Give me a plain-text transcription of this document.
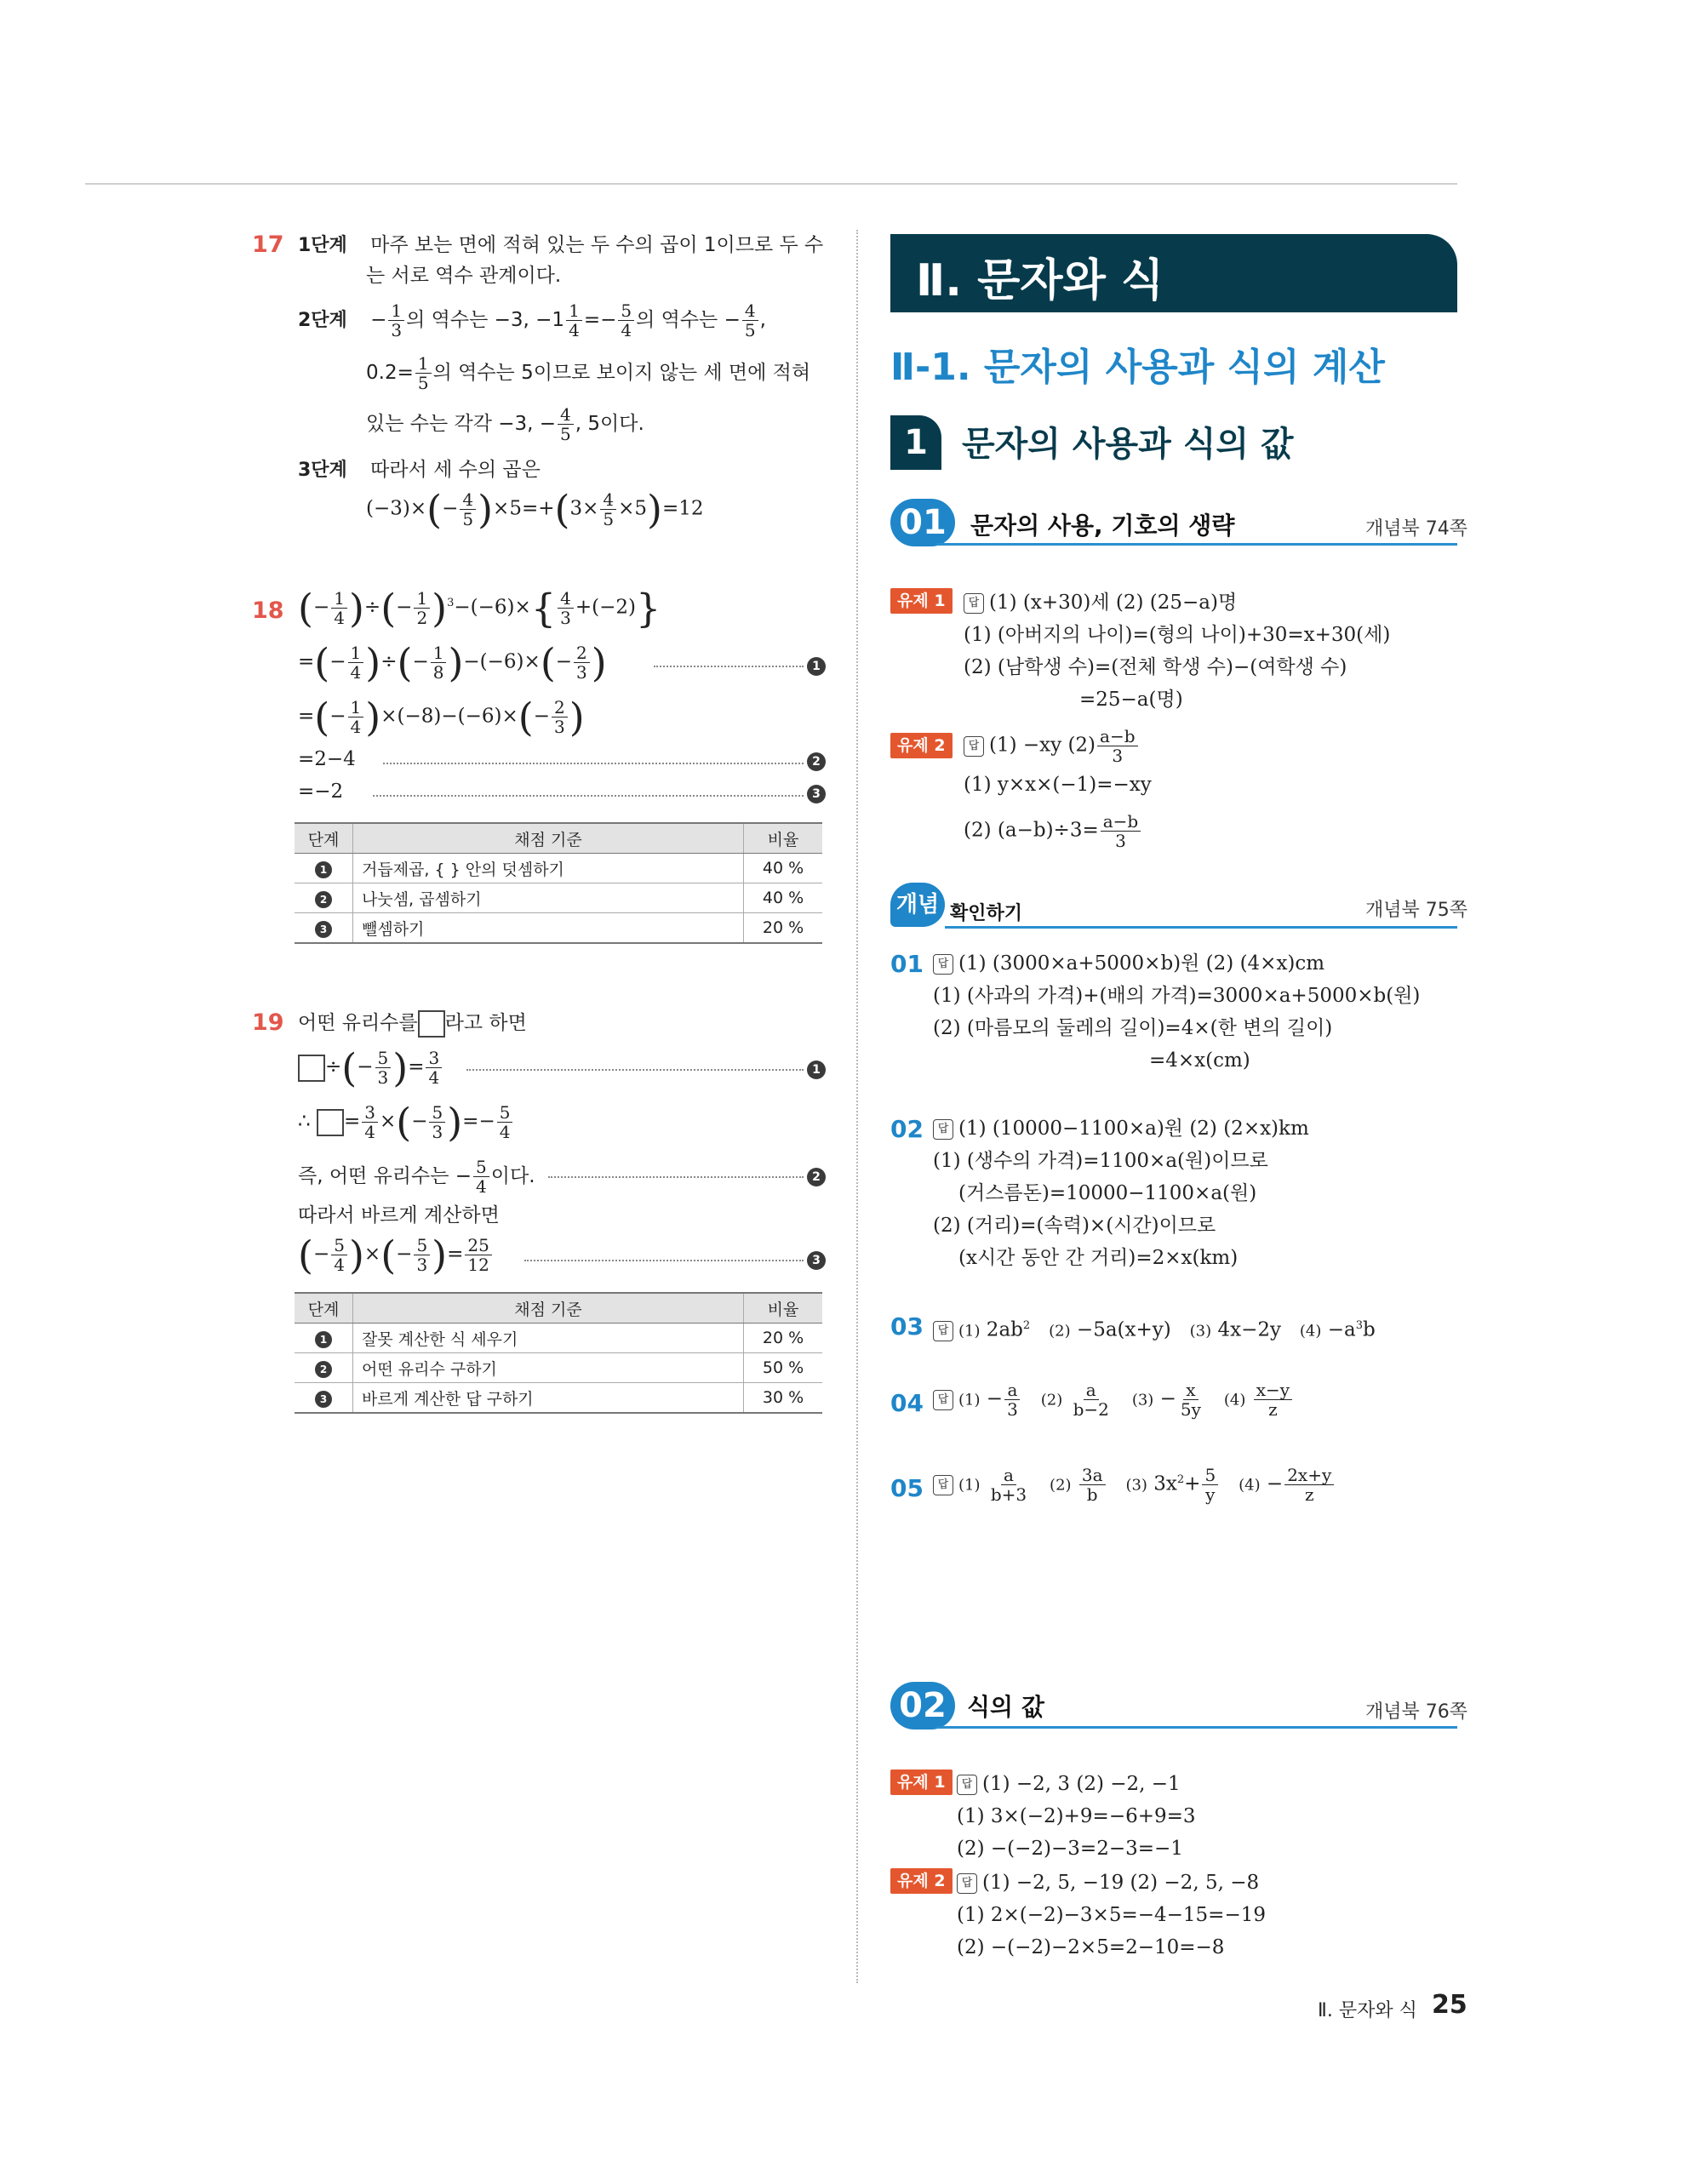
17 1단계 마주 보는 면에 적혀 있는 두 수의 곱이 1이므로 두 수
는 서로 역수 관계이다.
2단계 − $\frac{1}{3}$ 의 역수는 −3, $-1 \frac{1}{4} =- \frac{5}{4}$ 의 역수는 − $\frac{4}{5}$ ,
$0.2= \frac{1}{5}$ 의 역수는 5이므로 보이지 않는 세 면에 적혀
있는 수는 각각 −3, − $\frac{4}{5}$ , 5이다.
3단계 따라서 세 수의 곱은
$(-3)\times(- \frac{4}{5} )\times 5=+(3\times \frac{4}{5} \times 5)=12$
18 (− $\frac{1}{4}$ )÷(− $\frac{1}{2} )^3-(-6)\times\{ \frac{4}{3} +(-2)\}$
=(− $\frac{1}{4}$ )÷(− $\frac{1}{8} )-(-6)\times(- \frac{2}{3}$ )	1
=(− $\frac{1}{4} )\times(-8)-(-6)\times(- \frac{2}{3}$ )
=2−4	2
=−2	3
단계	채점 기준	비율
1	거듭제곱, { } 안의 덧셈하기	40 %
2	나눗셈, 곱셈하기	40 %
3	뺄셈하기	20 %
19 어떤 유리수를 라고 하면
÷(− $\frac{5}{3}$ )= $\frac{3}{4}$	1
∴ = $\frac{3}{4}$ ×(− $\frac{5}{3}$ )=− $\frac{5}{4}$
즉, 어떤 유리수는 − $\frac{5}{4}$ 이다.	2
따라서 바르게 계산하면
(− $\frac{5}{4}$ )×(− $\frac{5}{3}$ )= $\frac{25}{12}$	3
단계	채점 기준	비율
1	잘못 계산한 식 세우기	20 %
2	어떤 유리수 구하기	50 %
3	바르게 계산한 답 구하기	30 %
Ⅱ. 문자와 식
Ⅱ-1. 문자의 사용과 식의 계산
1	문자의 사용과 식의 값
01	문자의 사용, 기호의 생략	개념북 74쪽
유제 1	답 (1) (x+30)세 (2) (25−a)명
(1) (아버지의 나이)=(형의 나이)+30=x+30(세)
(2) (남학생 수)=(전체 학생 수)−(여학생 수)
=25−a(명)
유제 2	답 (1) −xy $(2) \frac{a-b}{3}$
(1) y×x×(−1)=−xy
(2) $(a-b)\div 3= \frac{a-b}{3}$
개념 확인하기	개념북 75쪽
01	답 (1) (3000×a+5000×b)원 (2) (4×x)cm
(1) (사과의 가격)+(배의 가격)=3000×a+5000×b(원)
(2) (마름모의 둘레의 길이)=4×(한 변의 길이)
=4×x(cm)
02	답 (1) (10000−1100×a)원 (2) (2×x)km
(1) (생수의 가격)=1100×a(원)이므로
(거스름돈)=10000−1100×a(원)
(2) (거리)=(속력)×(시간)이므로
(x시간 동안 간 거리)=2×x(km)
03	답 (1) $2ab^2$ (2) −5a(x+y)   (3) 4x−2y   $(4) -a^3b$
04	답 $(1) - \frac{a}{3} (2) \frac{a}{b-2} (3) - \frac{x}{5y} (4) \frac{x-y}{z}$
05	답 $(1) \frac{a}{b+3} (2) \frac{3a}{b} (3)$ $3x^2+ \frac{5}{y} (4) - \frac{2x+y}{z}$
02 식의 값	개념북 76쪽
유제 1	답 (1) −2, 3 (2) −2, −1
(1) 3×(−2)+9=−6+9=3
(2) −(−2)−3=2−3=−1
유제 2	답 (1) −2, 5, −19 (2) −2, 5, −8
(1) 2×(−2)−3×5=−4−15=−19
(2) −(−2)−2×5=2−10=−8
Ⅱ. 문자와 식 25
